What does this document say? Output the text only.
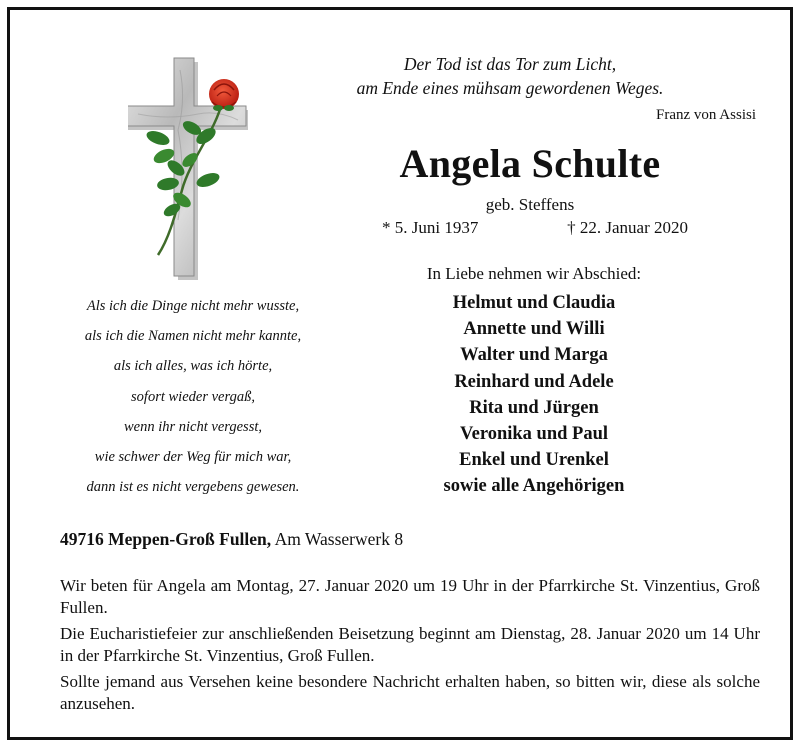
Der Tod ist das Tor zum Licht,
am Ende eines mühsam gewordenen Weges.
Franz von Assisi
Angela Schulte
geb. Steffens
* 5. Juni 1937	† 22. Januar 2020
In Liebe nehmen wir Abschied:
Helmut und Claudia
Annette und Willi
Walter und Marga
Reinhard und Adele
Rita und Jürgen
Veronika und Paul
Enkel und Urenkel
sowie alle Angehörigen
Als ich die Dinge nicht mehr wusste,
als ich die Namen nicht mehr kannte,
als ich alles, was ich hörte,
sofort wieder vergaß,
wenn ihr nicht vergesst,
wie schwer der Weg für mich war,
dann ist es nicht vergebens gewesen.
49716 Meppen-Groß Fullen, Am Wasserwerk 8

Wir beten für Angela am Montag, 27. Januar 2020 um 19 Uhr in der Pfarrkirche St. Vinzentius, Groß Fullen.

Die Eucharistiefeier zur anschließenden Beisetzung beginnt am Dienstag, 28. Januar 2020 um 14 Uhr in der Pfarrkirche St. Vinzentius, Groß Fullen.

Sollte jemand aus Versehen keine besondere Nachricht erhalten haben, so bitten wir, diese als solche anzusehen.
